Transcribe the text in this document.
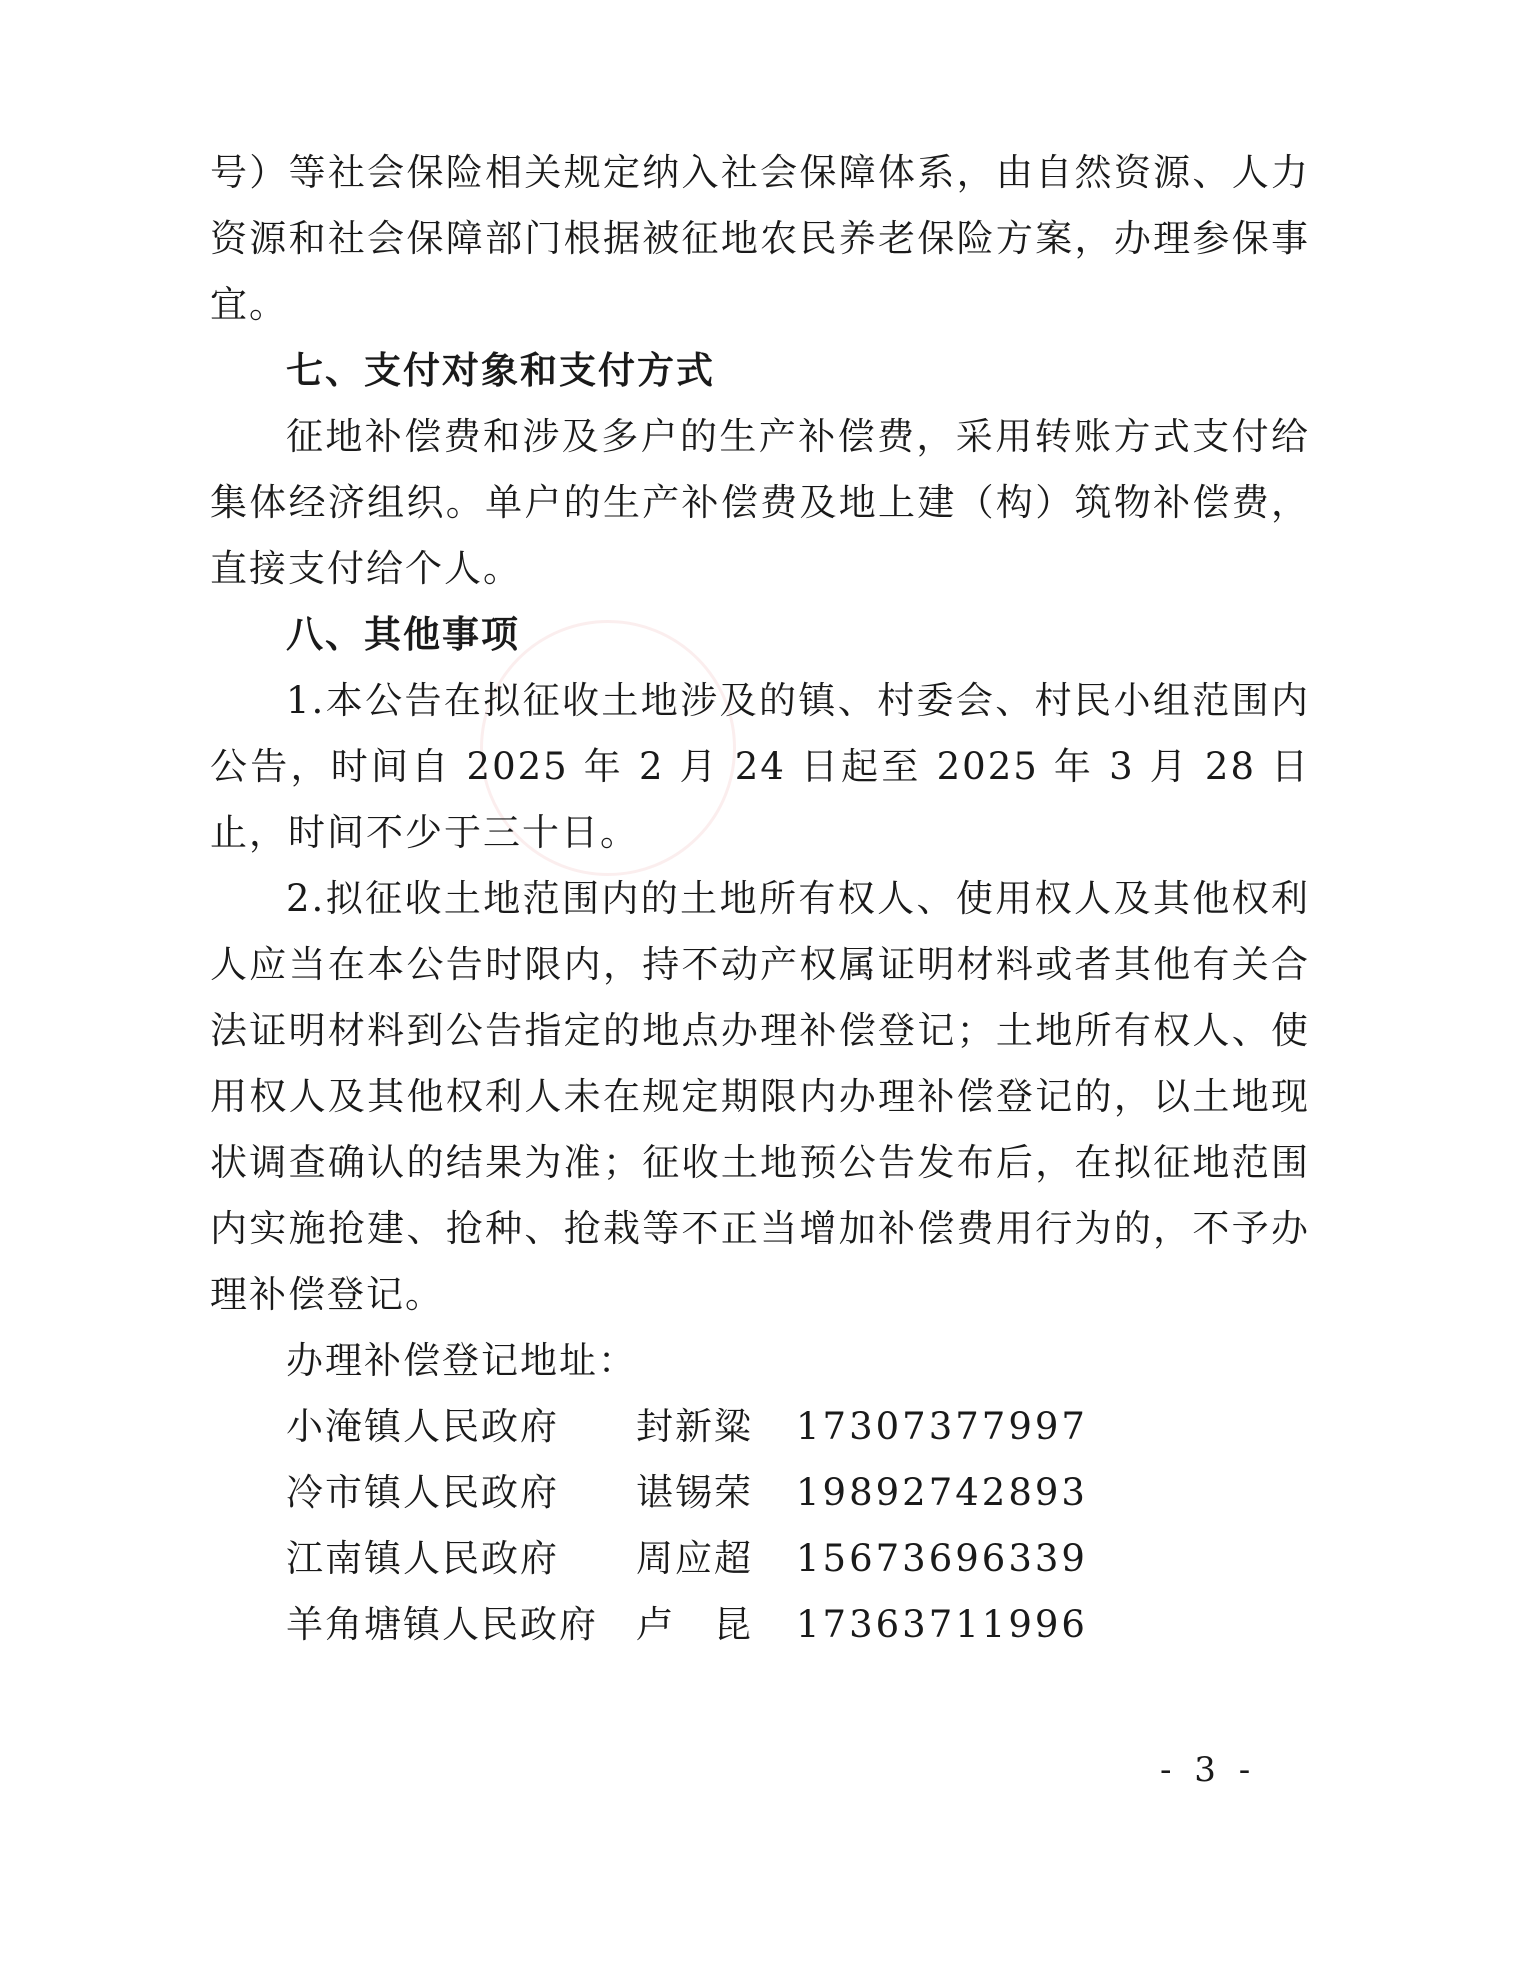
号）等社会保险相关规定纳入社会保障体系，由自然资源、人力资源和社会保障部门根据被征地农民养老保险方案，办理参保事宜。

七、支付对象和支付方式

征地补偿费和涉及多户的生产补偿费，采用转账方式支付给集体经济组织。单户的生产补偿费及地上建（构）筑物补偿费，直接支付给个人。

八、其他事项

1.本公告在拟征收土地涉及的镇、村委会、村民小组范围内公告，时间自 2025 年 2 月 24 日起至 2025 年 3 月 28 日止，时间不少于三十日。

2.拟征收土地范围内的土地所有权人、使用权人及其他权利人应当在本公告时限内，持不动产权属证明材料或者其他有关合法证明材料到公告指定的地点办理补偿登记；土地所有权人、使用权人及其他权利人未在规定期限内办理补偿登记的，以土地现状调查确认的结果为准；征收土地预公告发布后，在拟征地范围内实施抢建、抢种、抢栽等不正当增加补偿费用行为的，不予办理补偿登记。

办理补偿登记地址：

小淹镇人民政府	封新粱	17307377997
冷市镇人民政府	谌锡荣	19892742893
江南镇人民政府	周应超	15673696339
羊角塘镇人民政府	卢　昆	17363711996
- 3 -
